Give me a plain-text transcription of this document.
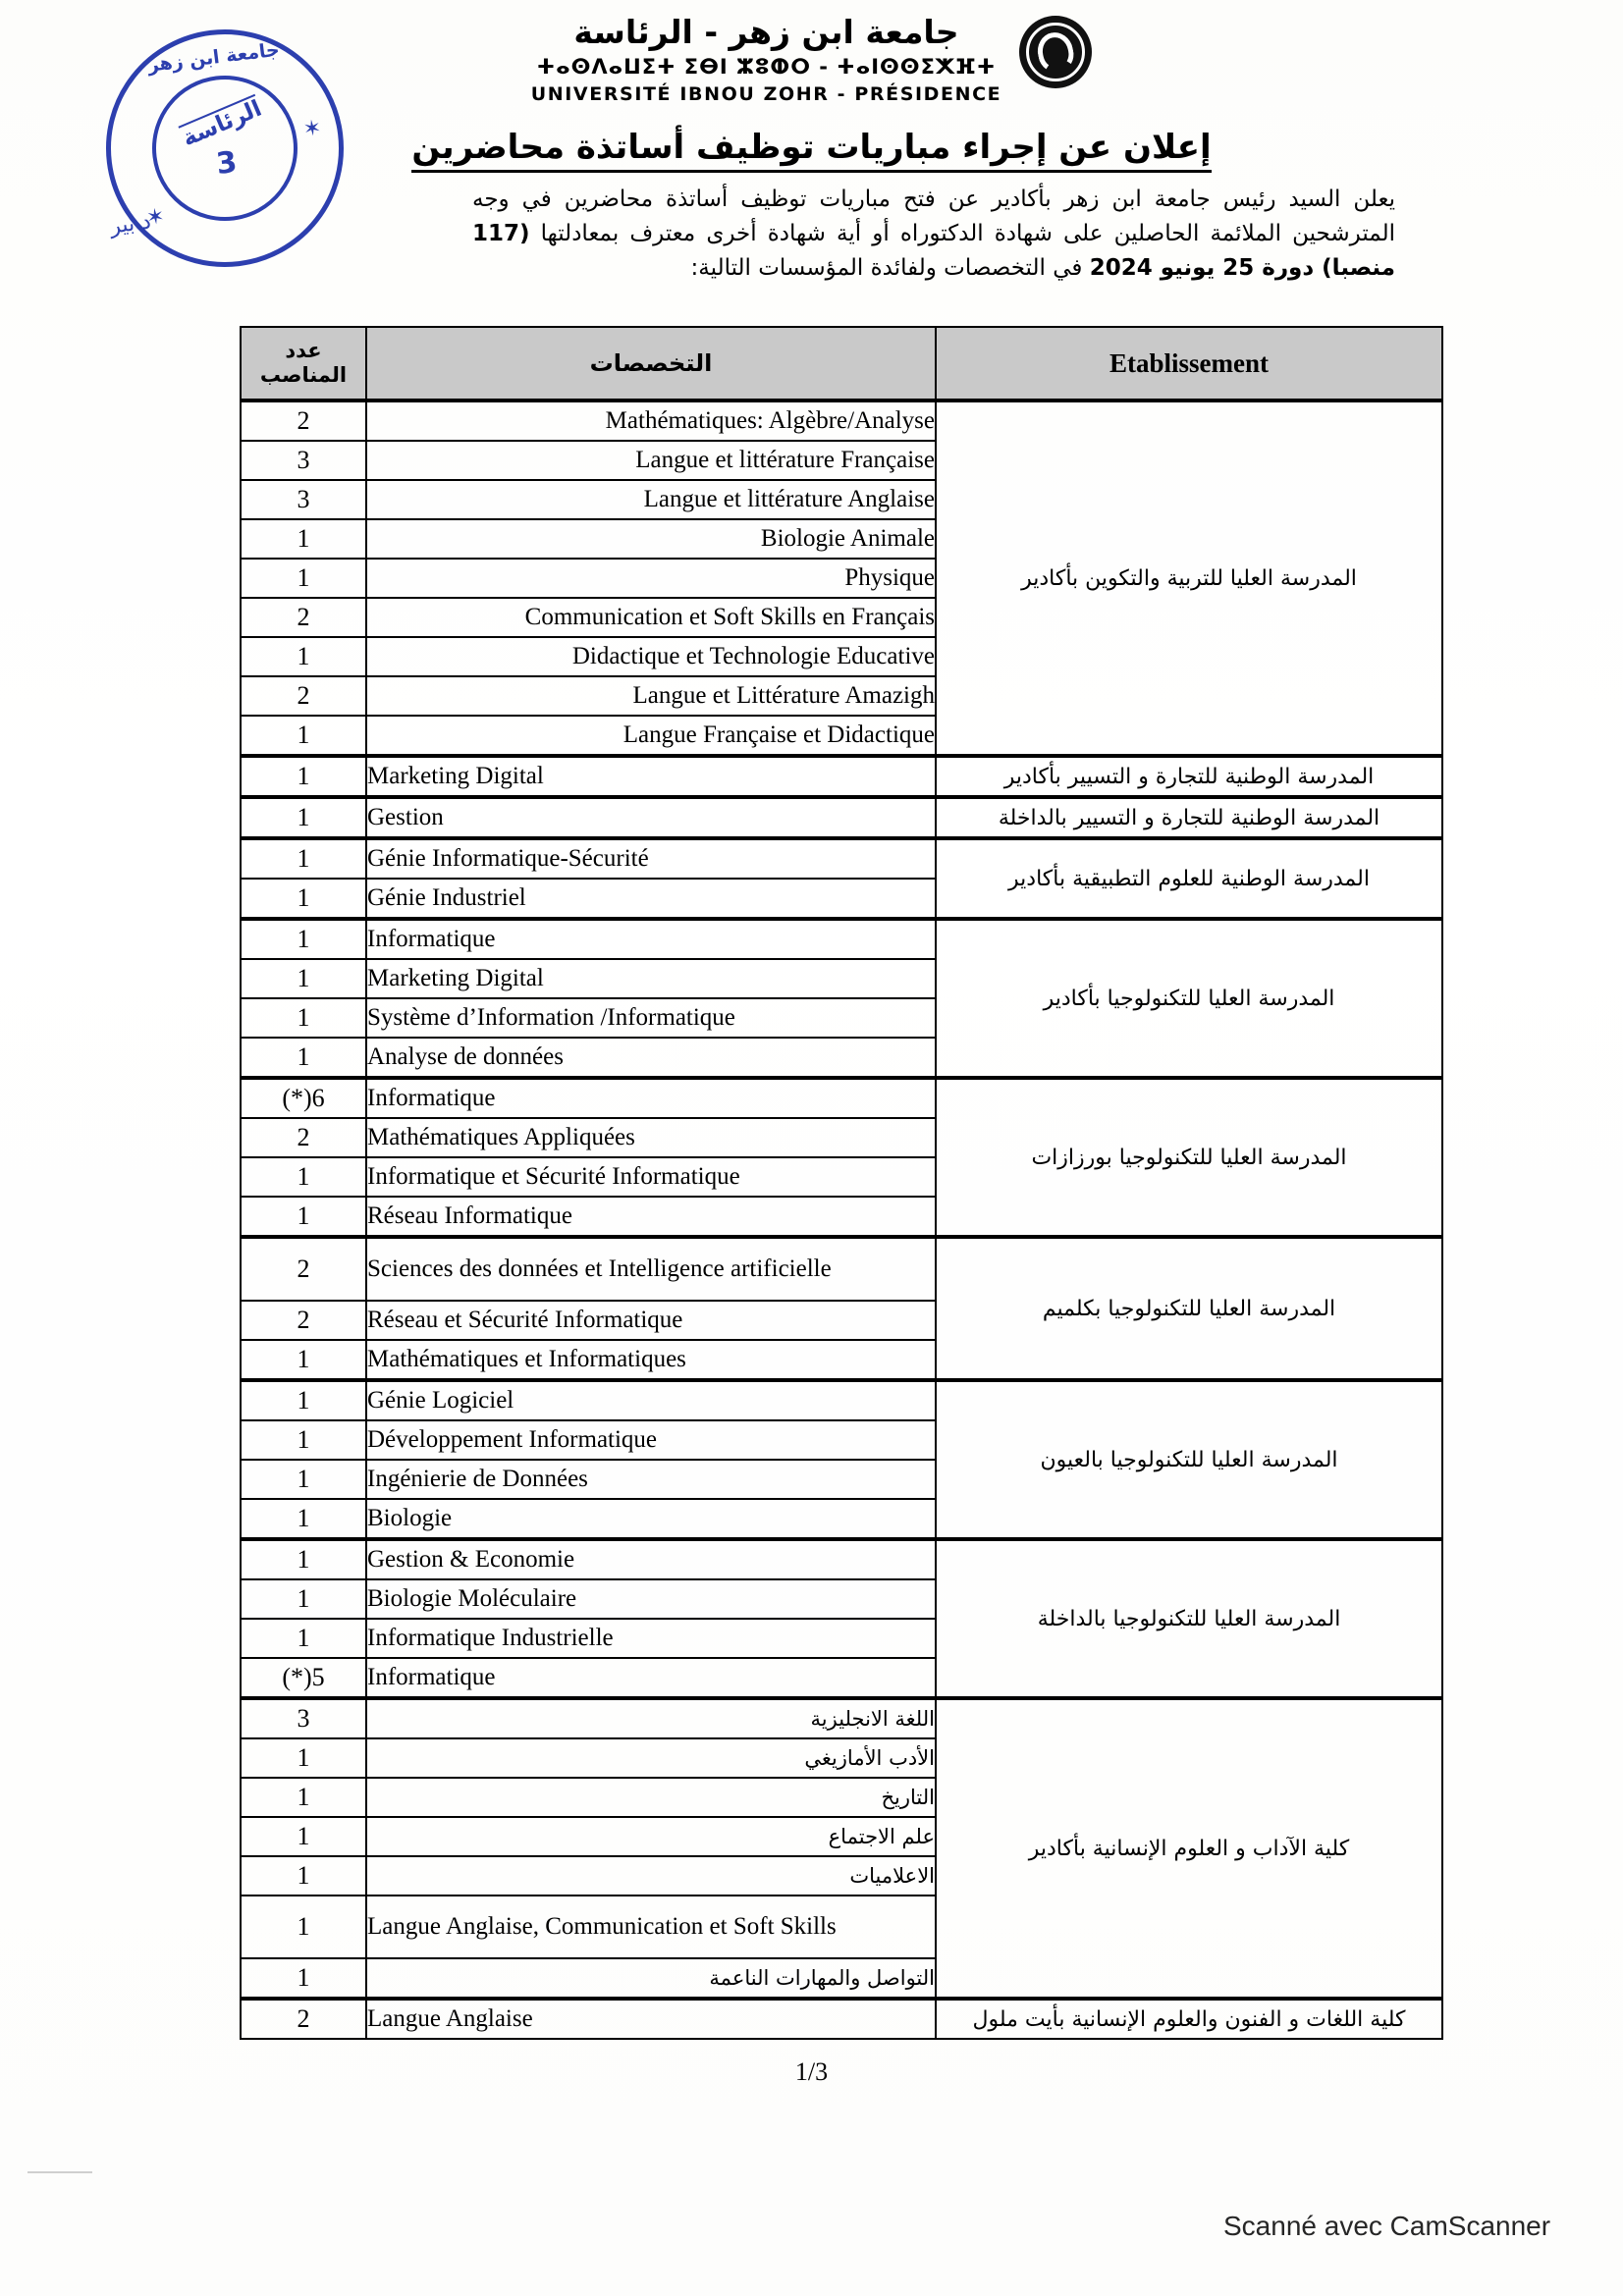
جامعة ابن زهر - الرئاسة
ⵜⴰⵙⴷⴰⵡⵉⵜ ⵉⴱⵏ ⵣⵓⵀⵔ - ⵜⴰⵏⵙⵙⵉⵅⴼⵜ
UNIVERSITÉ IBNOU ZOHR - PRÉSIDENCE
جامعة ابن زهر
الرئاسة
3
✶
✶
د بير
إعلان عن إجراء مباريات توظيف أساتذة محاضرين
يعلن السيد رئيس جامعة ابن زهر بأكادير عن فتح مباريات توظيف أساتذة محاضرين في وجه المترشحين الملائمة الحاصلين على شهادة الدكتوراه أو أية شهادة أخرى معترف بمعادلتها (117 منصبا) دورة 25 يونيو 2024 في التخصصات ولفائدة المؤسسات التالية:
عدد المناصب	التخصصات	Etablissement
2	Mathématiques: Algèbre/Analyse	المدرسة العليا للتربية والتكوين بأكادير
3	Langue et littérature Française	
3	Langue et littérature Anglaise	
1	Biologie Animale	
1	Physique	
2	Communication et Soft Skills en Français	
1	Didactique et Technologie Educative	
2	Langue et Littérature Amazigh	
1	Langue Française et Didactique	
1	Marketing Digital	المدرسة الوطنية للتجارة و التسيير بأكادير
1	Gestion	المدرسة الوطنية للتجارة و التسيير بالداخلة
1	Génie Informatique-Sécurité	المدرسة الوطنية للعلوم التطبيقية بأكادير
1	Génie Industriel	
1	Informatique	المدرسة العليا للتكنولوجيا بأكادير
1	Marketing Digital	
1	Système d’Information /Informatique	
1	Analyse de données	
(*)6	Informatique	المدرسة العليا للتكنولوجيا بورزازات
2	Mathématiques Appliquées	
1	Informatique et Sécurité Informatique	
1	Réseau Informatique	
2	Sciences des données et Intelligence artificielle	المدرسة العليا للتكنولوجيا بكلميم
2	Réseau et Sécurité Informatique	
1	Mathématiques et Informatiques	
1	Génie Logiciel	المدرسة العليا للتكنولوجيا بالعيون
1	Développement Informatique	
1	Ingénierie de Données	
1	Biologie	
1	Gestion & Economie	المدرسة العليا للتكنولوجيا بالداخلة
1	Biologie Moléculaire	
1	Informatique Industrielle	
(*)5	Informatique	
3	اللغة الانجليزية	كلية الآداب و العلوم الإنسانية بأكادير
1	الأدب الأمازيغي	
1	التاريخ	
1	علم الاجتماع	
1	الاعلاميات	
1	Langue Anglaise, Communication et Soft Skills	
1	التواصل والمهارات الناعمة	
2	Langue Anglaise	كلية اللغات و الفنون والعلوم الإنسانية بأيت ملول
1/3
Scanné avec CamScanner
